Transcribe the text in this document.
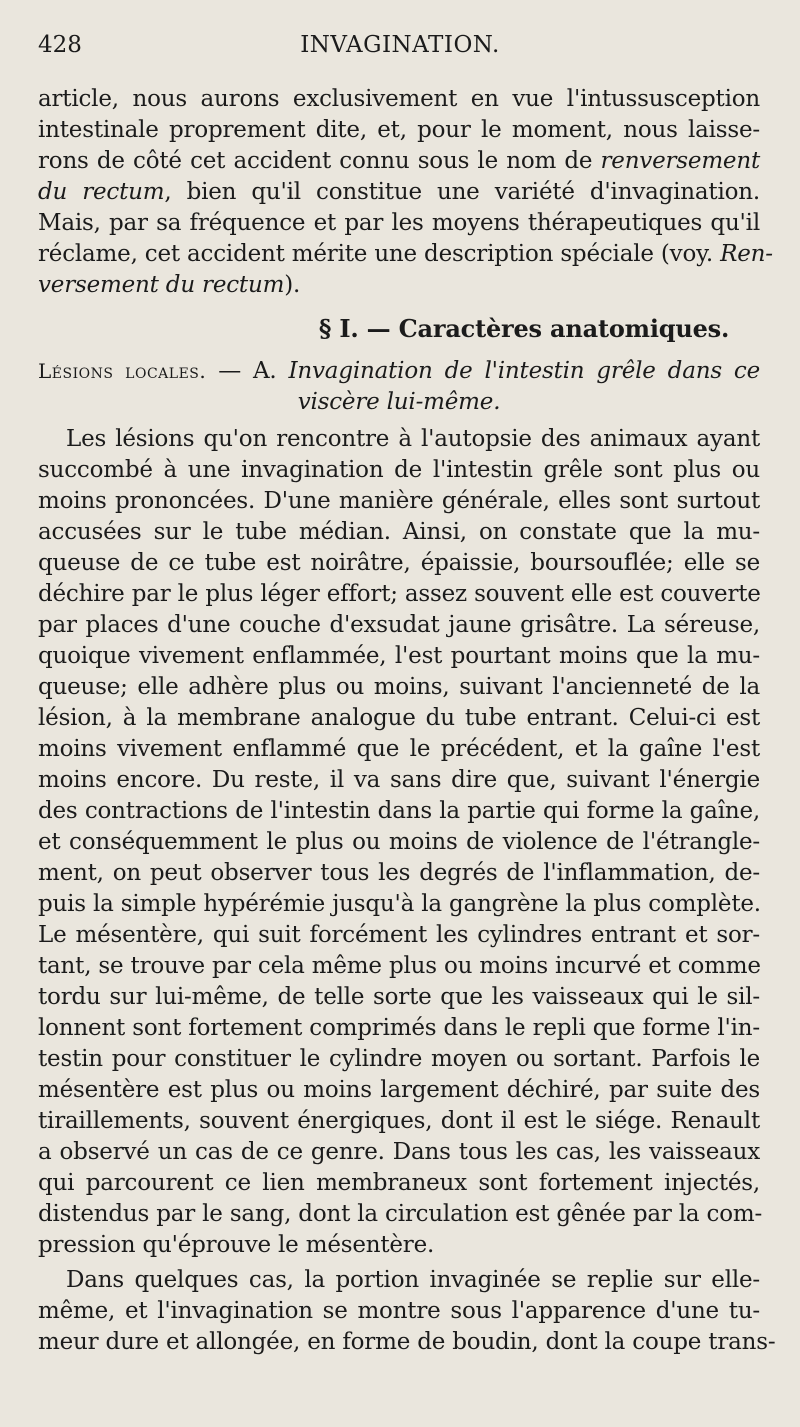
428	INVAGINATION.
article, nous aurons exclusivement en vue l'intussusception
intestinale proprement dite, et, pour le moment, nous laisse-
rons de côté cet accident connu sous le nom de renversement
du rectum, bien qu'il constitue une variété d'invagination.
Mais, par sa fréquence et par les moyens thérapeutiques qu'il
réclame, cet accident mérite une description spéciale (voy. Ren-
versement du rectum).
§ I. — Caractères anatomiques.
Lésions locales. — A. Invagination de l'intestin grêle dans ce
viscère lui-même.
Les lésions qu'on rencontre à l'autopsie des animaux ayant
succombé à une invagination de l'intestin grêle sont plus ou
moins prononcées. D'une manière générale, elles sont surtout
accusées sur le tube médian. Ainsi, on constate que la mu-
queuse de ce tube est noirâtre, épaissie, boursouflée; elle se
déchire par le plus léger effort; assez souvent elle est couverte
par places d'une couche d'exsudat jaune grisâtre. La séreuse,
quoique vivement enflammée, l'est pourtant moins que la mu-
queuse; elle adhère plus ou moins, suivant l'ancienneté de la
lésion, à la membrane analogue du tube entrant. Celui-ci est
moins vivement enflammé que le précédent, et la gaîne l'est
moins encore. Du reste, il va sans dire que, suivant l'énergie
des contractions de l'intestin dans la partie qui forme la gaîne,
et conséquemment le plus ou moins de violence de l'étrangle-
ment, on peut observer tous les degrés de l'inflammation, de-
puis la simple hypérémie jusqu'à la gangrène la plus complète.
Le mésentère, qui suit forcément les cylindres entrant et sor-
tant, se trouve par cela même plus ou moins incurvé et comme
tordu sur lui-même, de telle sorte que les vaisseaux qui le sil-
lonnent sont fortement comprimés dans le repli que forme l'in-
testin pour constituer le cylindre moyen ou sortant. Parfois le
mésentère est plus ou moins largement déchiré, par suite des
tiraillements, souvent énergiques, dont il est le siége. Renault
a observé un cas de ce genre. Dans tous les cas, les vaisseaux
qui parcourent ce lien membraneux sont fortement injectés,
distendus par le sang, dont la circulation est gênée par la com-
pression qu'éprouve le mésentère.
Dans quelques cas, la portion invaginée se replie sur elle-
même, et l'invagination se montre sous l'apparence d'une tu-
meur dure et allongée, en forme de boudin, dont la coupe trans-
